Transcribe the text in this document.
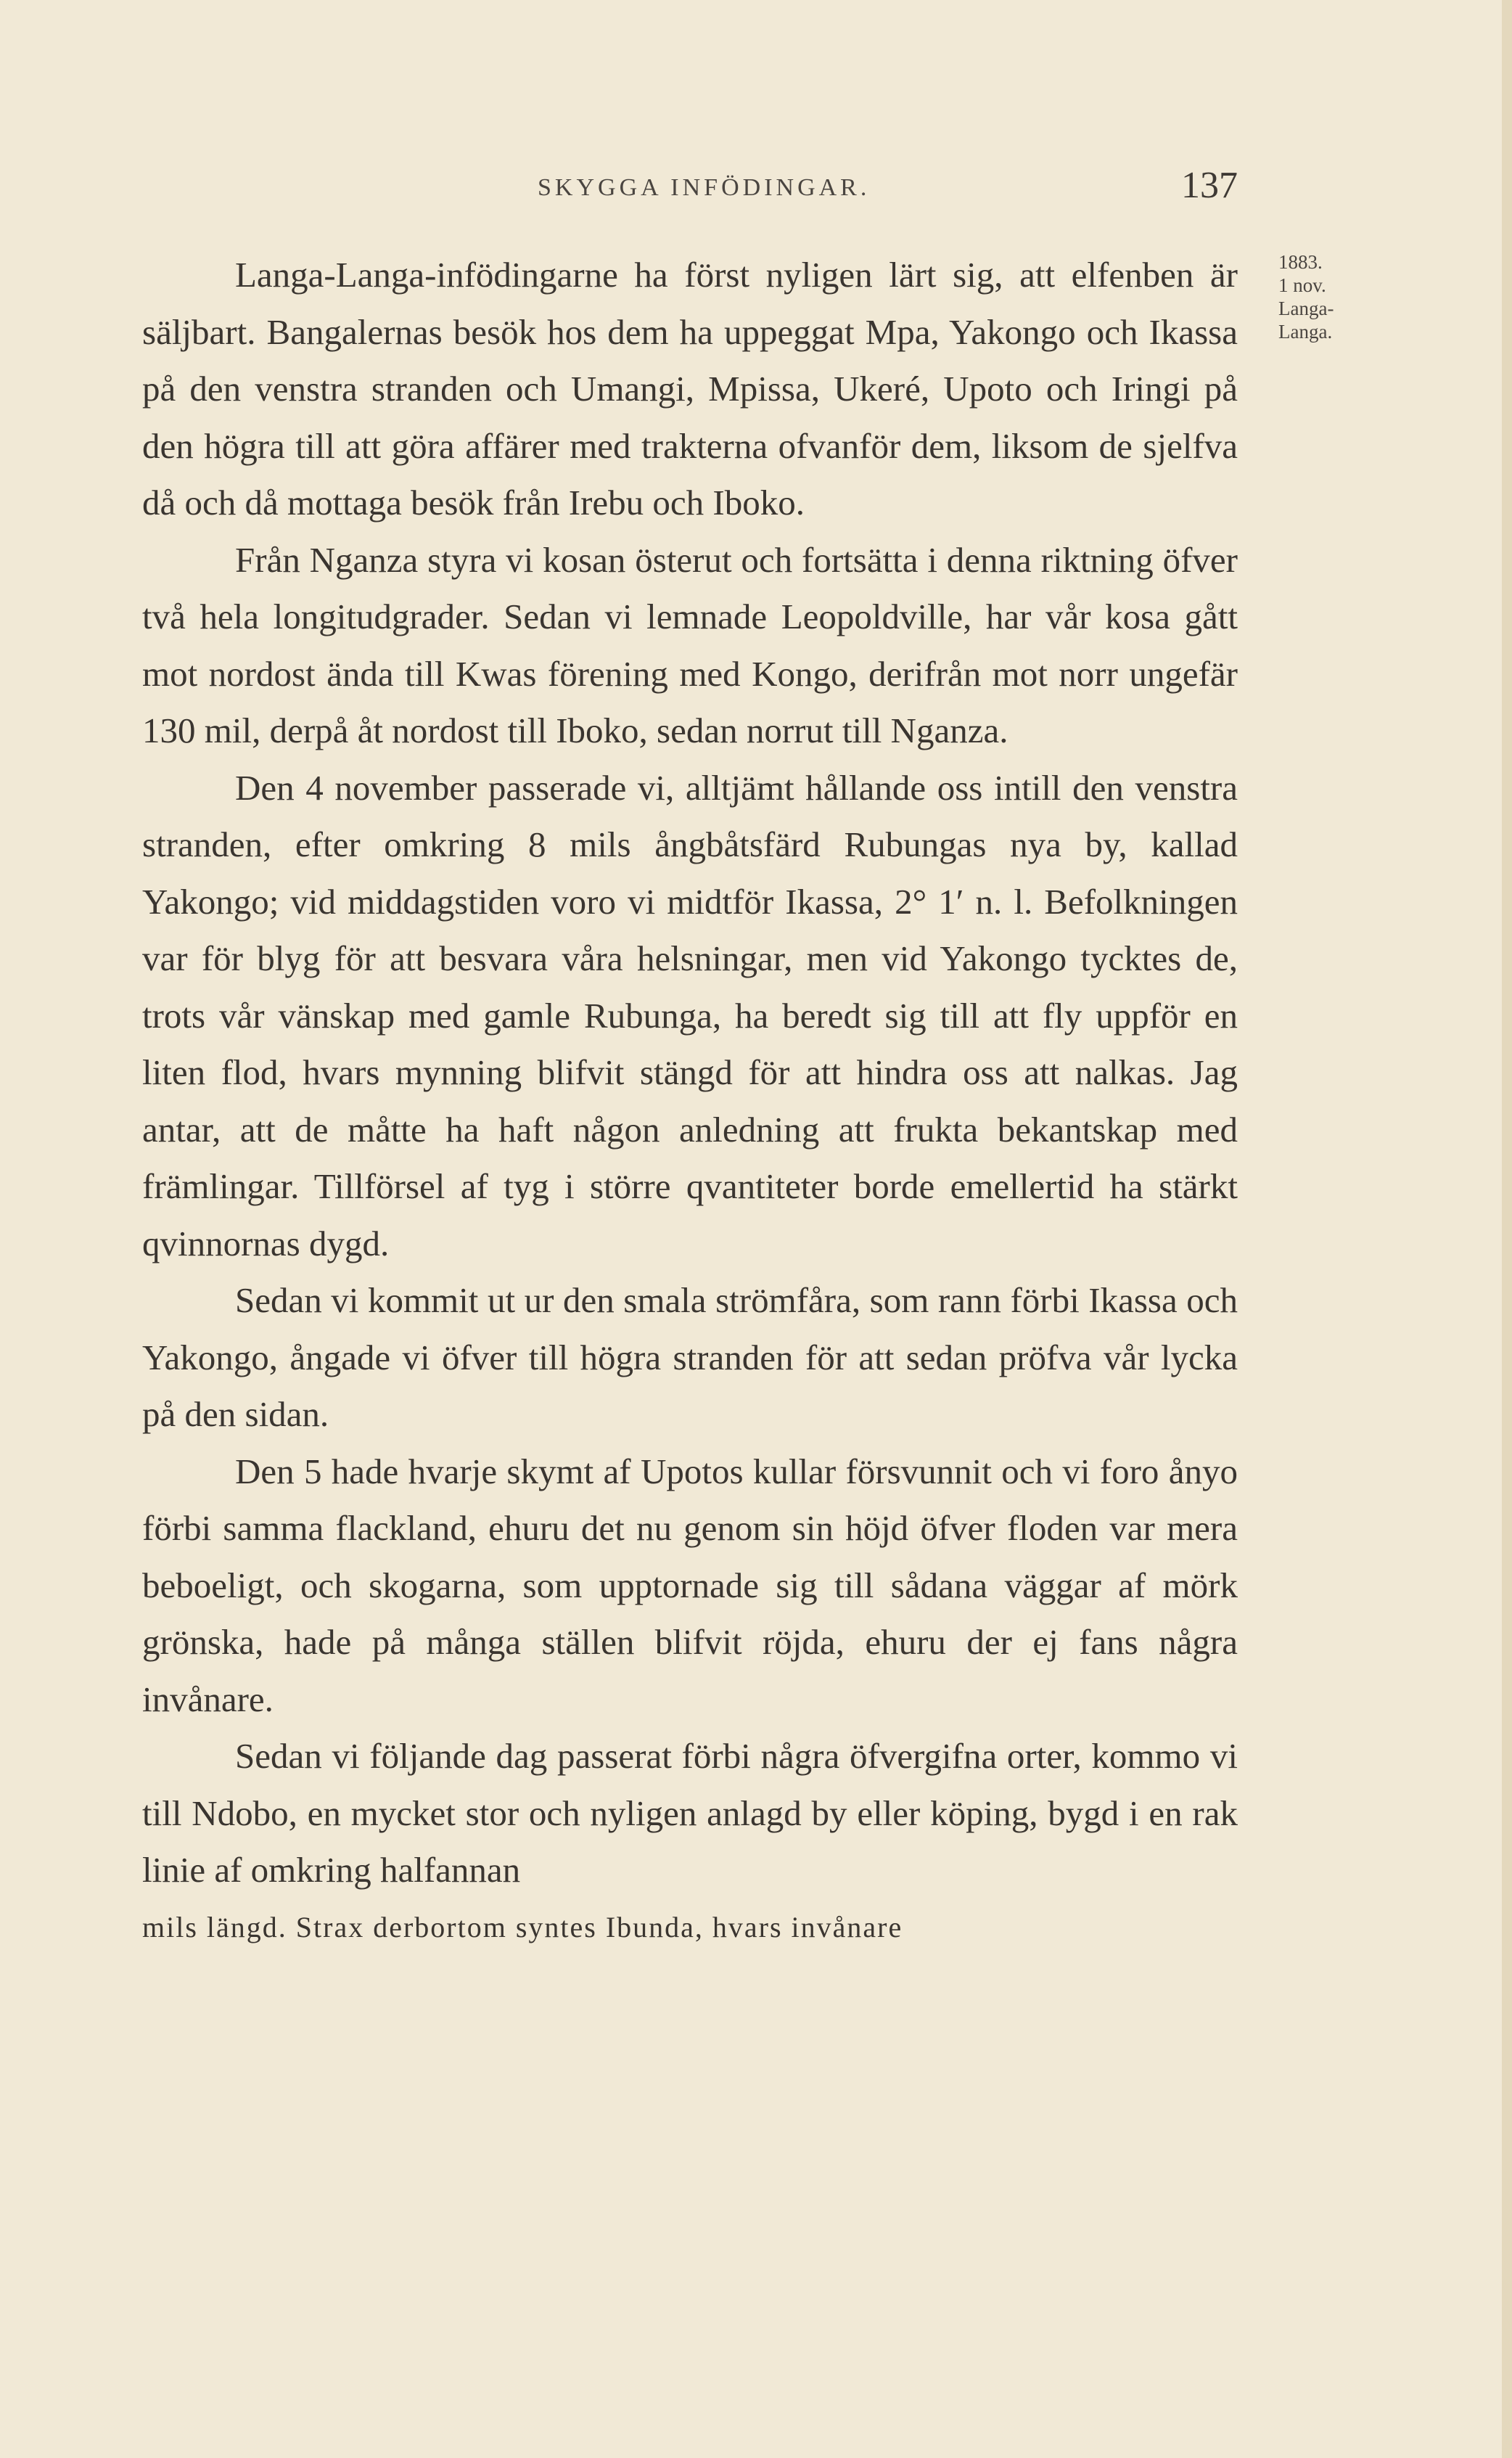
SKYGGA INFÖDINGAR.	137
1883.
1 nov.
Langa-
Langa.

Langa-Langa-infödingarne ha först nyligen lärt sig, att elfenben är säljbart. Bangalernas besök hos dem ha uppeggat Mpa, Yakongo och Ikassa på den venstra stranden och Umangi, Mpissa, Ukeré, Upoto och Iringi på den högra till att göra affärer med trakterna ofvanför dem, liksom de sjelfva då och då mottaga besök från Irebu och Iboko.

Från Nganza styra vi kosan österut och fortsätta i denna riktning öfver två hela longitudgrader. Sedan vi lemnade Leopoldville, har vår kosa gått mot nordost ända till Kwas förening med Kongo, derifrån mot norr ungefär 130 mil, derpå åt nordost till Iboko, sedan norrut till Nganza.

Den 4 november passerade vi, alltjämt hållande oss intill den venstra stranden, efter omkring 8 mils ångbåtsfärd Rubungas nya by, kallad Yakongo; vid middagstiden voro vi midtför Ikassa, 2° 1′ n. l. Befolkningen var för blyg för att besvara våra helsningar, men vid Yakongo tycktes de, trots vår vänskap med gamle Rubunga, ha beredt sig till att fly uppför en liten flod, hvars mynning blifvit stängd för att hindra oss att nalkas. Jag antar, att de måtte ha haft någon anledning att frukta bekantskap med främlingar. Tillförsel af tyg i större qvantiteter borde emellertid ha stärkt qvinnornas dygd.

Sedan vi kommit ut ur den smala strömfåra, som rann förbi Ikassa och Yakongo, ångade vi öfver till högra stranden för att sedan pröfva vår lycka på den sidan.

Den 5 hade hvarje skymt af Upotos kullar försvunnit och vi foro ånyo förbi samma flackland, ehuru det nu genom sin höjd öfver floden var mera beboeligt, och skogarna, som upptornade sig till sådana väggar af mörk grönska, hade på många ställen blifvit röjda, ehuru der ej fans några invånare.

Sedan vi följande dag passerat förbi några öfvergifna orter, kommo vi till Ndobo, en mycket stor och nyligen anlagd by eller köping, bygd i en rak linie af omkring halfannan

mils längd. Strax derbortom syntes Ibunda, hvars invånare
